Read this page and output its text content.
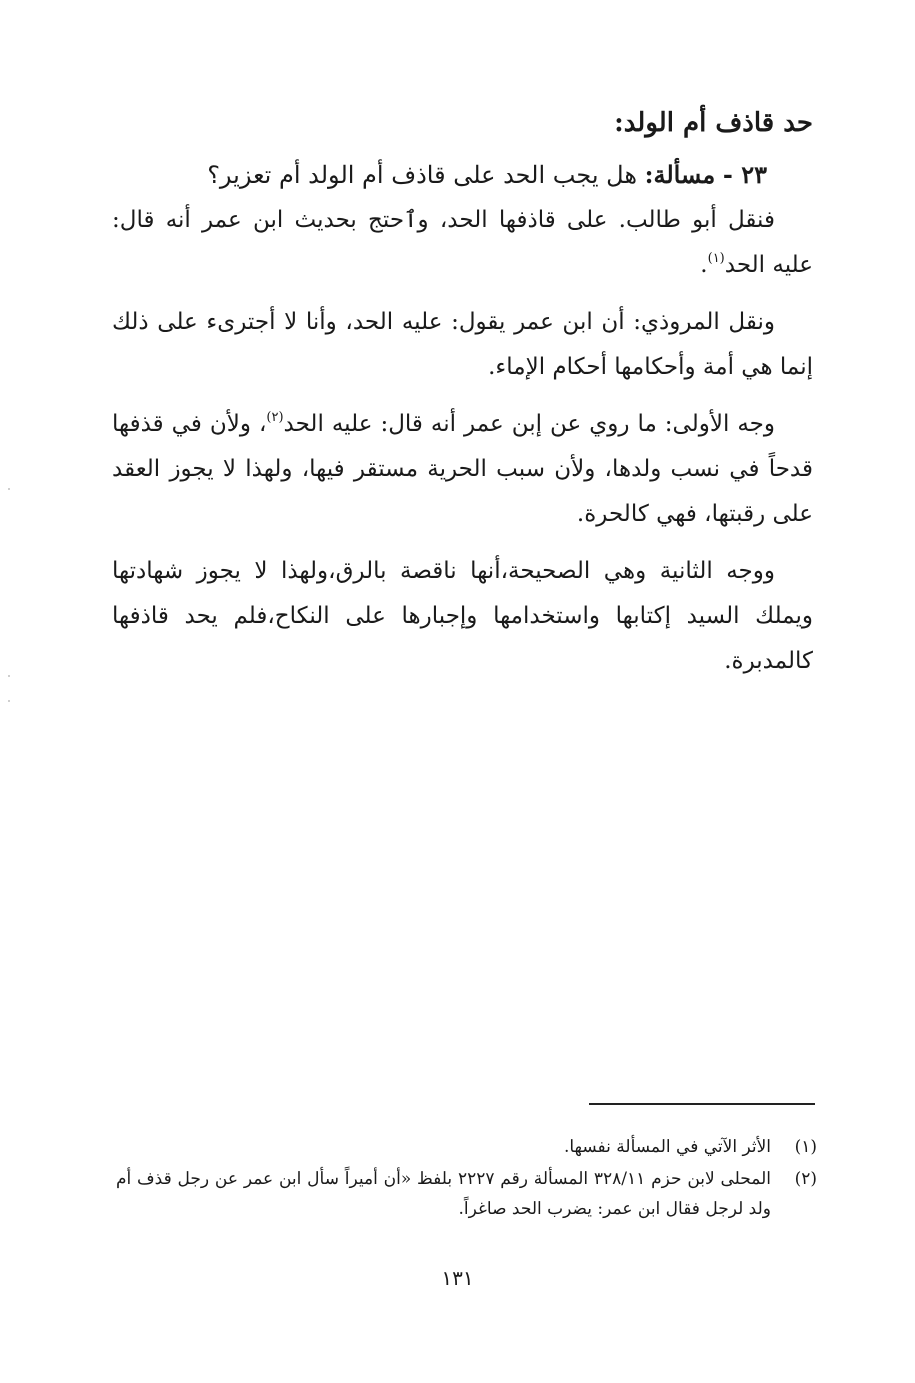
حد قاذف أم الولد:

٢٣ - مسألة: هل يجب الحد على قاذف أم الولد أم تعزير؟

فنقل أبو طالب. على قاذفها الحد، وٱحتج بحديث ابن عمر أنه قال: عليه الحد$^{(١)}$.

ونقل المروذي: أن ابن عمر يقول: عليه الحد، وأنا لا أجترىء على ذلك إنما هي أمة وأحكامها أحكام الإماء.

وجه الأولى: ما روي عن إبن عمر أنه قال: عليه الحد$^{(٢)}$، ولأن في قذفها قدحاً في نسب ولدها، ولأن سبب الحرية مستقر فيها، ولهذا لا يجوز العقد على رقبتها، فهي كالحرة.

ووجه الثانية وهي الصحيحة،أنها ناقصة بالرق،ولهذا لا يجوز شهادتها ويملك السيد إكتابها واستخدامها وإجبارها على النكاح،فلم يحد قاذفها كالمدبرة.

(١)
الأثر الآتي في المسألة نفسها.
(٢)
المحلى لابن حزم ٣٢٨/١١ المسألة رقم ٢٢٢٧ بلفظ «أن أميراً سأل ابن عمر عن رجل قذف أم ولد لرجل فقال ابن عمر: يضرب الحد صاغراً.
١٣١
